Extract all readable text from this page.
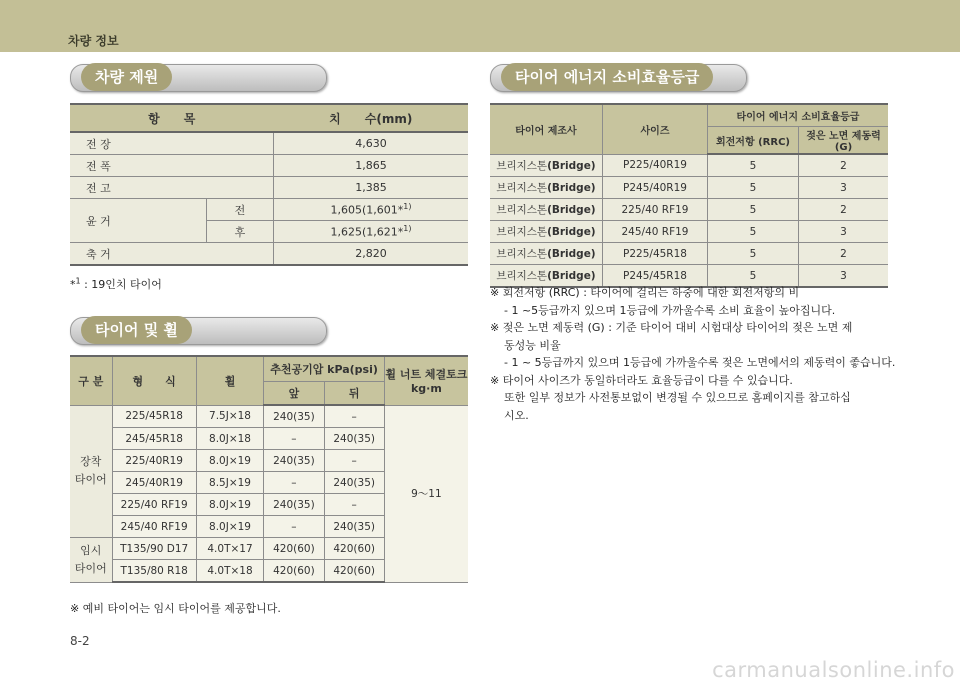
차량 정보
차량 제원
항　　목		치　　수(mm)
전 장		4,630
전 폭		1,865
전 고		1,385
윤 거	전	1,605(1,601*$^{1)}$
	후	1,625(1,621*$^{1)}$
축 거		2,820
*$^1$ : 19인치 타이어
타이어 및 휠
구 분	형　　식	휠	추천공기압 kPa(psi)		휠 너트 체결토크
kg·m

			앞	뒤	

장착
타이어	225/45R18	7.5J×18	240(35)	–	9～11
	245/45R18	8.0J×18	–	240(35)	
	225/40R19	8.0J×19	240(35)	–	
	245/40R19	8.5J×19	–	240(35)	
	225/40 RF19	8.0J×19	240(35)	–	
	245/40 RF19	8.0J×19	–	240(35)	

임시
타이어	T135/90 D17	4.0T×17	420(60)	420(60)	
	T135/80 R18	4.0T×18	420(60)	420(60)	
※ 예비 타이어는 임시 타이어를 제공합니다.
타이어 에너지 소비효율등급
타이어 제조사	사이즈	타이어 에너지 소비효율등급	
		회전저항 (RRC)	젖은 노면 제동력(G)
브리지스톤(Bridge)	P225/40R19	5	2
브리지스톤(Bridge)	P245/40R19	5	3
브리지스톤(Bridge)	225/40 RF19	5	2
브리지스톤(Bridge)	245/40 RF19	5	3
브리지스톤(Bridge)	P225/45R18	5	2
브리지스톤(Bridge)	P245/45R18	5	3
※ 회전저항 (RRC) : 타이어에 걸리는 하중에 대한 회전저항의 비
- 1 ~5등급까지 있으며 1등급에 가까울수록 소비 효율이 높아집니다.
※ 젖은 노면 제동력 (G) : 기준 타이어 대비 시험대상 타이어의 젖은 노면 제
동성능 비율
- 1 ~ 5등급까지 있으며 1등급에 가까울수록 젖은 노면에서의 제동력이 좋습니다.
※ 타이어 사이즈가 동일하더라도 효율등급이 다를 수 있습니다.
또한 일부 정보가 사전통보없이 변경될 수 있으므로 홈페이지를 참고하십
시오.
8-2
carmanualsonline.info
